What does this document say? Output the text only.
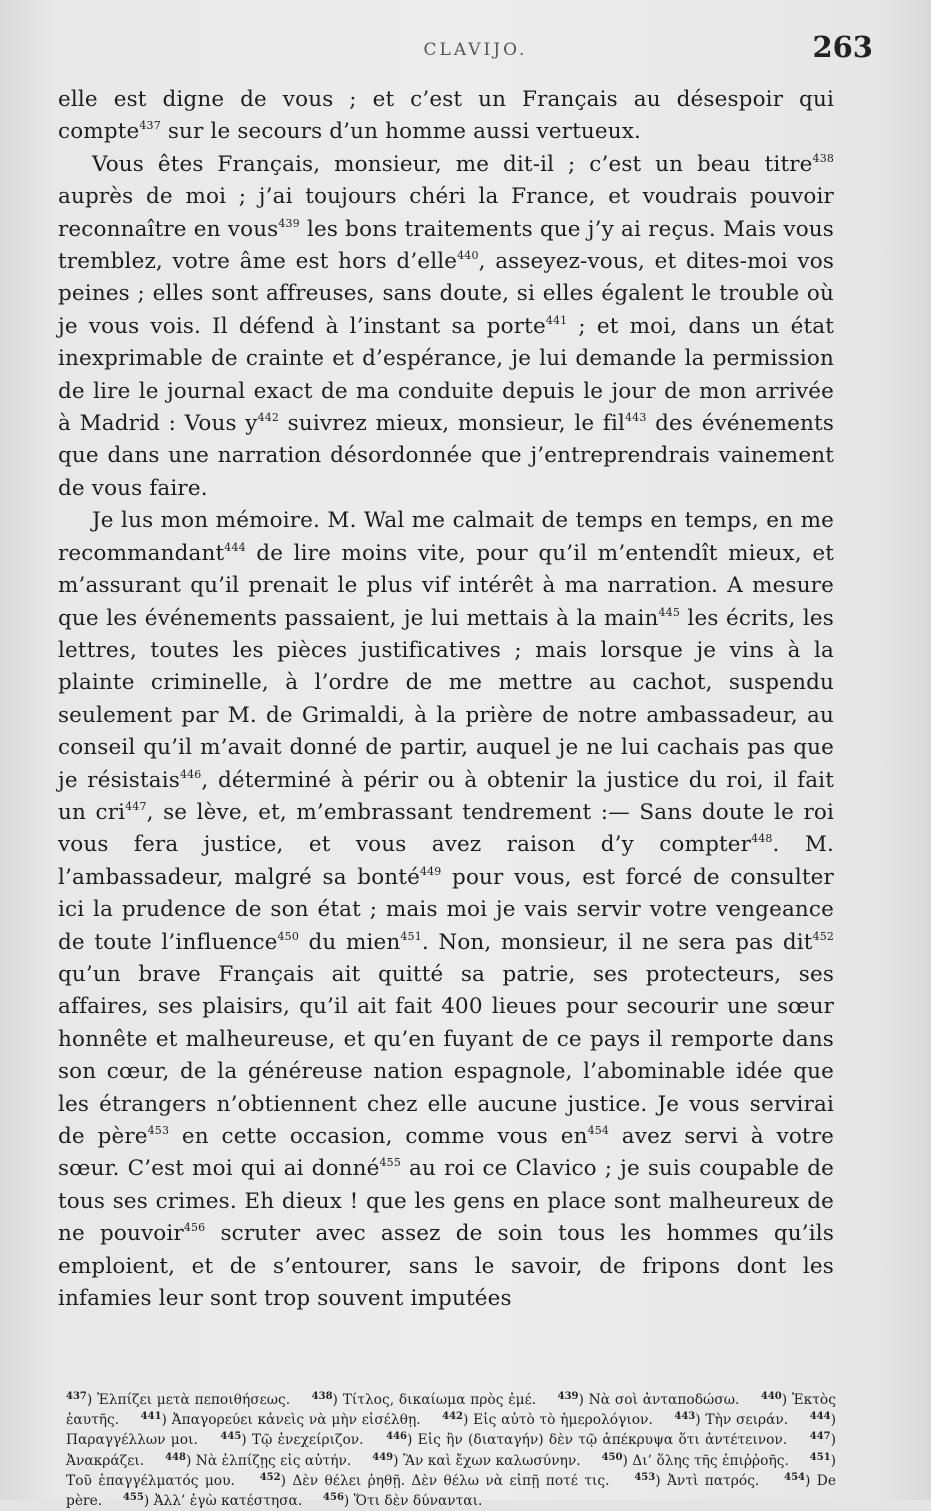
CLAVIJO.	263

elle est digne de vous ; et c’est un Français au désespoir qui compte$^{437}$ sur le secours d’un homme aussi vertueux.

Vous êtes Français, monsieur, me dit-il ; c’est un beau titre$^{438}$ auprès de moi ; j’ai toujours chéri la France, et voudrais pouvoir reconnaître en vous$^{439}$ les bons traitements que j’y ai reçus. Mais vous tremblez, votre âme est hors d’elle$^{440}$, asseyez-vous, et dites-moi vos peines ; elles sont affreuses, sans doute, si elles égalent le trouble où je vous vois. Il défend à l’instant sa porte$^{441}$ ; et moi, dans un état inexprimable de crainte et d’espérance, je lui demande la permission de lire le journal exact de ma conduite depuis le jour de mon arrivée à Madrid : Vous y$^{442}$ suivrez mieux, monsieur, le fil$^{443}$ des événements que dans une narration désordonnée que j’entreprendrais vainement de vous faire.

Je lus mon mémoire. M. Wal me calmait de temps en temps, en me recommandant$^{444}$ de lire moins vite, pour qu’il m’entendît mieux, et m’assurant qu’il prenait le plus vif intérêt à ma narration. A mesure que les événements passaient, je lui mettais à la main$^{445}$ les écrits, les lettres, toutes les pièces justificatives ; mais lorsque je vins à la plainte criminelle, à l’ordre de me mettre au cachot, suspendu seulement par M. de Grimaldi, à la prière de notre ambassadeur, au conseil qu’il m’avait donné de partir, auquel je ne lui cachais pas que je résistais$^{446}$, déterminé à périr ou à obtenir la justice du roi, il fait un cri$^{447}$, se lève, et, m’embrassant tendrement :— Sans doute le roi vous fera justice, et vous avez raison d’y compter$^{448}$. M. l’ambassadeur, malgré sa bonté$^{449}$ pour vous, est forcé de consulter ici la prudence de son état ; mais moi je vais servir votre vengeance de toute l’influence$^{450}$ du mien$^{451}$. Non, monsieur, il ne sera pas dit$^{452}$ qu’un brave Français ait quitté sa patrie, ses protecteurs, ses affaires, ses plaisirs, qu’il ait fait 400 lieues pour secourir une sœur honnête et malheureuse, et qu’en fuyant de ce pays il remporte dans son cœur, de la généreuse nation espagnole, l’abominable idée que les étrangers n’obtiennent chez elle aucune justice. Je vous servirai de père$^{453}$ en cette occasion, comme vous en$^{454}$ avez servi à votre sœur. C’est moi qui ai donné$^{455}$ au roi ce Clavico ; je suis coupable de tous ses crimes. Eh dieux ! que les gens en place sont malheureux de ne pouvoir$^{456}$ scruter avec assez de soin tous les hommes qu’ils emploient, et de s’entourer, sans le savoir, de fripons dont les infamies leur sont trop souvent imputées

$^{437}$) Ἐλπίζει μετὰ πεποιθήσεως. $^{438}$) Τίτλος, δικαίωμα πρὸς ἐμέ. $^{439}$) Νὰ σοὶ ἀνταποδώσω. $^{440}$) Ἐκτὸς ἑαυτῆς. $^{441}$) Ἀπαγορεύει κἀνεὶς νὰ μὴν εἰσέλθῃ. $^{442}$) Εἰς αὐτὸ τὸ ἡμερολόγιον. $^{443}$) Τὴν σειράν. $^{444}$) Παραγγέλλων μοι. $^{445}$) Τῷ ἐνεχείριζον. $^{446}$) Εἰς ἣν (διαταγήν) δὲν τῷ ἀπέκρυψα ὅτι ἀντέτεινον. $^{447}$) Ἀνακράζει. $^{448}$) Νὰ ἐλπίζῃς εἰς αὐτήν. $^{449}$) Ἂν καὶ ἔχων καλωσύνην. $^{450}$) Δι’ ὅλης τῆς ἐπιῤῥοῆς. $^{451}$) Τοῦ ἐπαγγέλματός μου. $^{452}$) Δὲν θέλει ῥηθῇ. Δὲν θέλω νὰ εἰπῇ ποτέ τις. $^{453}$) Ἀντὶ πατρός. $^{454}$) De père. $^{455}$) Ἀλλ’ ἐγὼ κατέστησα. $^{456}$) Ὅτι δὲν δύνανται.
